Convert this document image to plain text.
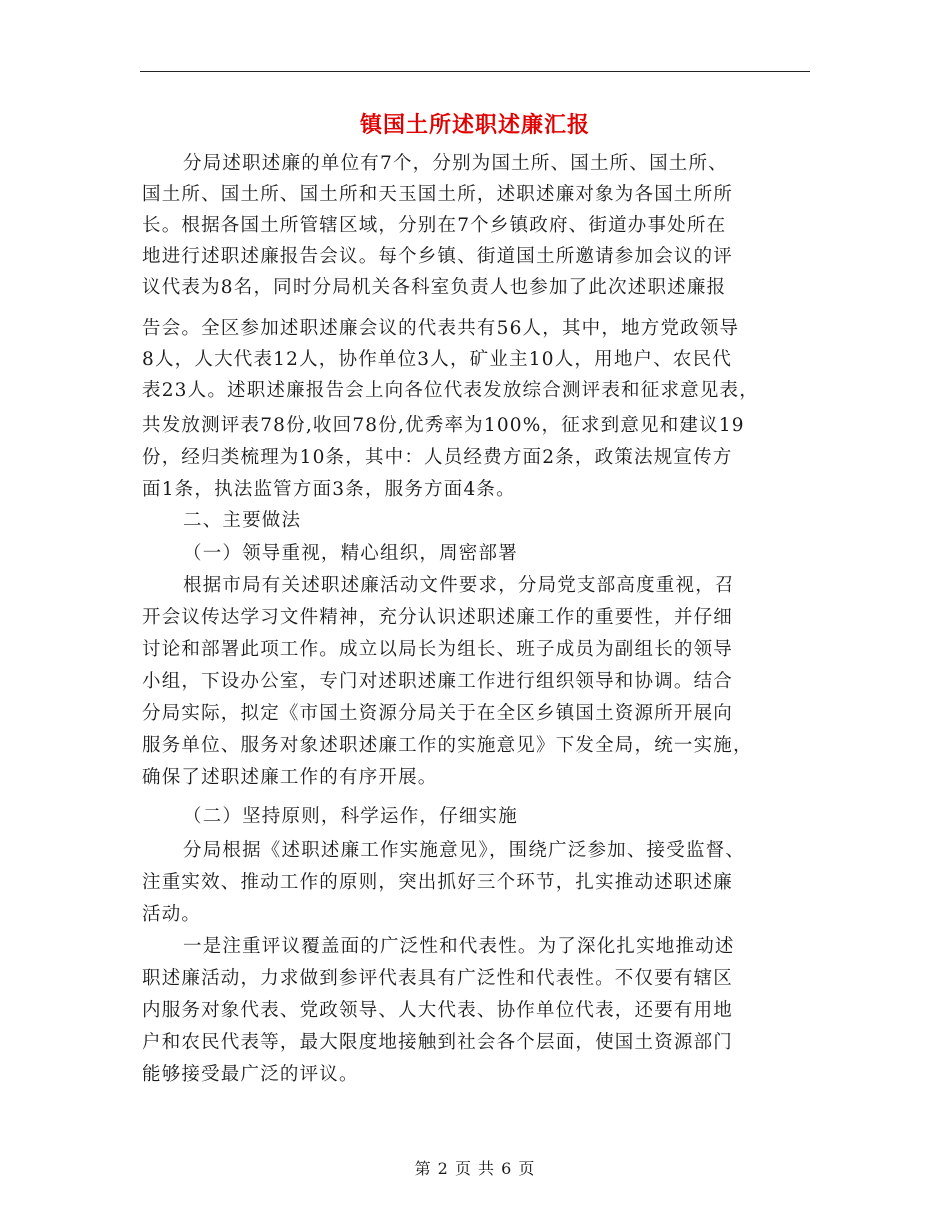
镇国土所述职述廉汇报
分局述职述廉的单位有7个，分别为国土所、国土所、国土所、
国土所、国土所、国土所和天玉国土所，述职述廉对象为各国土所所
长。根据各国土所管辖区域，分别在7个乡镇政府、街道办事处所在
地进行述职述廉报告会议。每个乡镇、街道国土所邀请参加会议的评
议代表为8名，同时分局机关各科室负责人也参加了此次述职述廉报
告会。全区参加述职述廉会议的代表共有56人，其中，地方党政领导
8人，人大代表12人，协作单位3人，矿业主10人，用地户、农民代
表23人。述职述廉报告会上向各位代表发放综合测评表和征求意见表，
共发放测评表78份,收回78份,优秀率为100%，征求到意见和建议19
份，经归类梳理为10条，其中：人员经费方面2条，政策法规宣传方
面1条，执法监管方面3条，服务方面4条。
二、主要做法
（一）领导重视，精心组织，周密部署
根据市局有关述职述廉活动文件要求，分局党支部高度重视，召
开会议传达学习文件精神，充分认识述职述廉工作的重要性，并仔细
讨论和部署此项工作。成立以局长为组长、班子成员为副组长的领导
小组，下设办公室，专门对述职述廉工作进行组织领导和协调。结合
分局实际，拟定《市国土资源分局关于在全区乡镇国土资源所开展向
服务单位、服务对象述职述廉工作的实施意见》下发全局，统一实施，
确保了述职述廉工作的有序开展。
（二）坚持原则，科学运作，仔细实施
分局根据《述职述廉工作实施意见》，围绕广泛参加、接受监督、
注重实效、推动工作的原则，突出抓好三个环节，扎实推动述职述廉
活动。
一是注重评议覆盖面的广泛性和代表性。为了深化扎实地推动述
职述廉活动，力求做到参评代表具有广泛性和代表性。不仅要有辖区
内服务对象代表、党政领导、人大代表、协作单位代表，还要有用地
户和农民代表等，最大限度地接触到社会各个层面，使国土资源部门
能够接受最广泛的评议。
第 2 页 共 6 页
